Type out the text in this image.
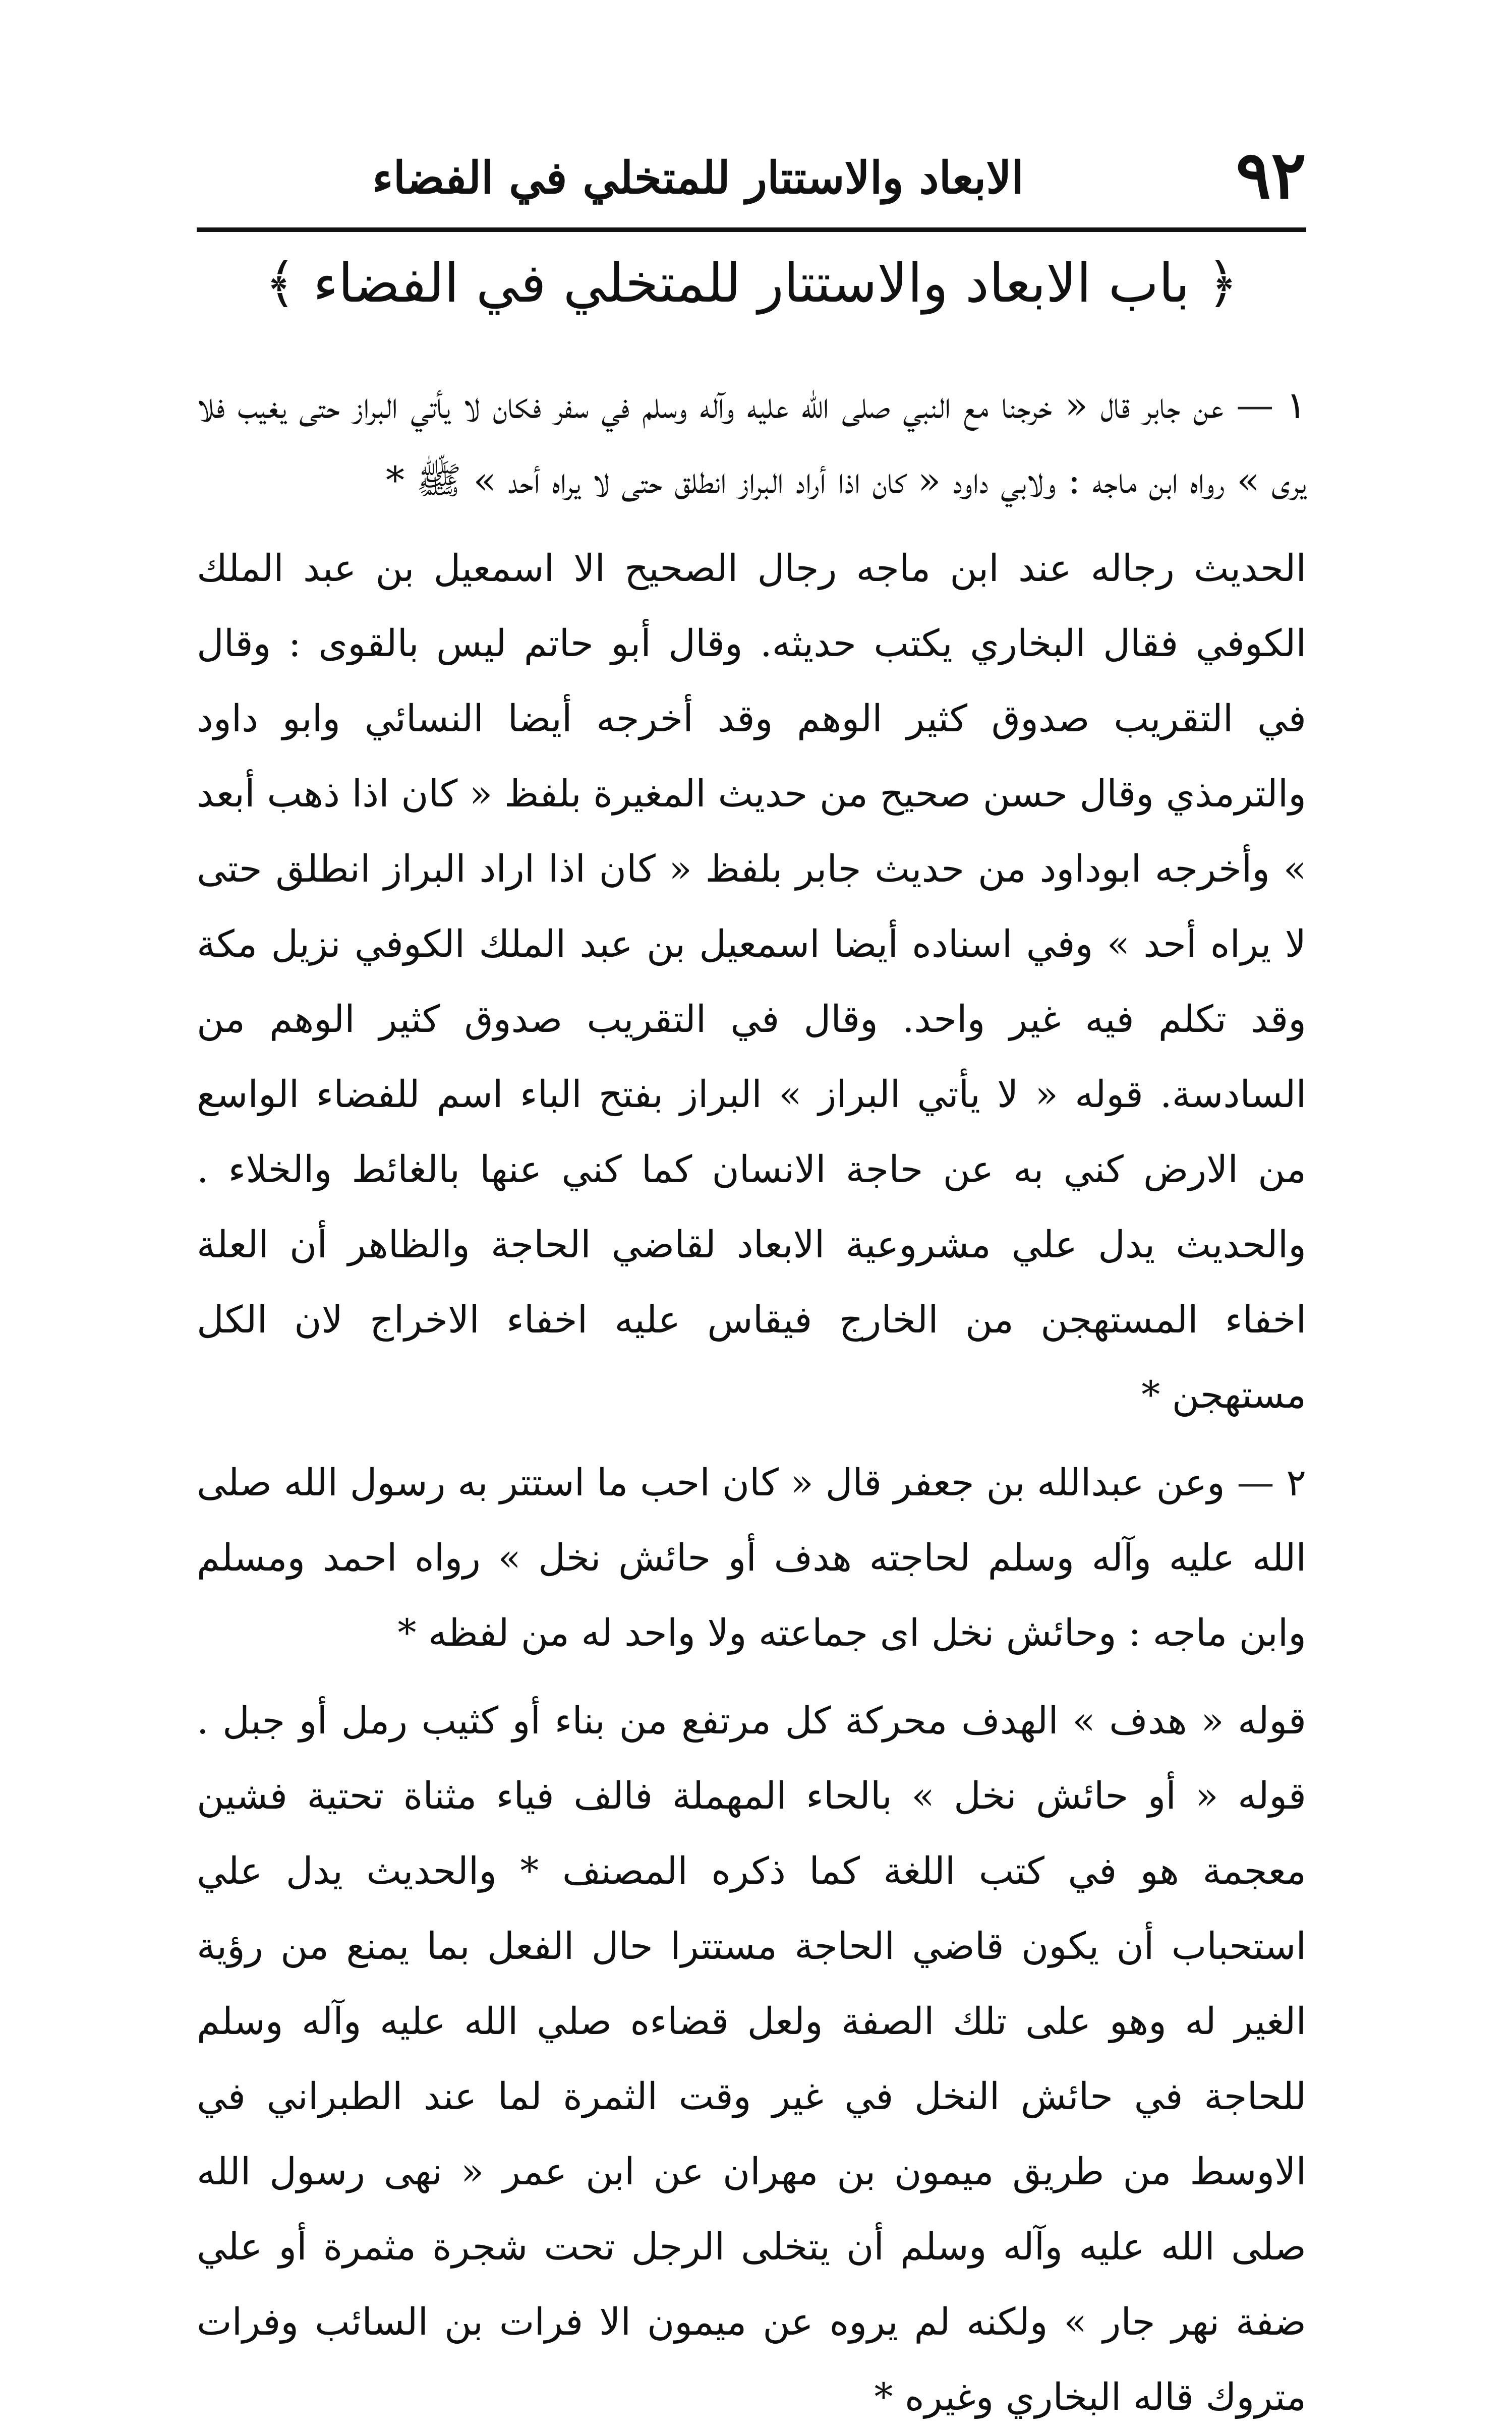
٩٢
الابعاد والاستتار للمتخلي في الفضاء
﴿ باب الابعاد والاستتار للمتخلي في الفضاء ﴾

١ — عن جابر قال « خرجنا مع النبي صلى الله عليه وآله وسلم في سفر فكان لا يأتي البراز حتى يغيب فلا يرى » رواه ابن ماجه : ولابي داود « كان اذا أراد البراز انطلق حتى لا يراه أحد » ﷺ *

الحديث رجاله عند ابن ماجه رجال الصحيح الا اسمعيل بن عبد الملك الكوفي فقال البخاري يكتب حديثه. وقال أبو حاتم ليس بالقوى : وقال في التقريب صدوق كثير الوهم وقد أخرجه أيضا النسائي وابو داود والترمذي وقال حسن صحيح من حديث المغيرة بلفظ « كان اذا ذهب أبعد » وأخرجه ابوداود من حديث جابر بلفظ « كان اذا اراد البراز انطلق حتى لا يراه أحد » وفي اسناده أيضا اسمعيل بن عبد الملك الكوفي نزيل مكة وقد تكلم فيه غير واحد. وقال في التقريب صدوق كثير الوهم من السادسة. قوله « لا يأتي البراز » البراز بفتح الباء اسم للفضاء الواسع من الارض كني به عن حاجة الانسان كما كني عنها بالغائط والخلاء . والحديث يدل علي مشروعية الابعاد لقاضي الحاجة والظاهر أن العلة اخفاء المستهجن من الخارج فيقاس عليه اخفاء الاخراج لان الكل مستهجن *

٢ — وعن عبدالله بن جعفر قال « كان احب ما استتر به رسول الله صلى الله عليه وآله وسلم لحاجته هدف أو حائش نخل » رواه احمد ومسلم وابن ماجه : وحائش نخل اى جماعته ولا واحد له من لفظه *

قوله « هدف » الهدف محركة كل مرتفع من بناء أو كثيب رمل أو جبل . قوله « أو حائش نخل » بالحاء المهملة فالف فياء مثناة تحتية فشين معجمة هو في كتب اللغة كما ذكره المصنف * والحديث يدل علي استحباب أن يكون قاضي الحاجة مستترا حال الفعل بما يمنع من رؤية الغير له وهو على تلك الصفة ولعل قضاءه صلي الله عليه وآله وسلم للحاجة في حائش النخل في غير وقت الثمرة لما عند الطبراني في الاوسط من طريق ميمون بن مهران عن ابن عمر « نهى رسول الله صلى الله عليه وآله وسلم أن يتخلى الرجل تحت شجرة مثمرة أو علي ضفة نهر جار » ولكنه لم يروه عن ميمون الا فرات بن السائب وفرات متروك قاله البخاري وغيره *
